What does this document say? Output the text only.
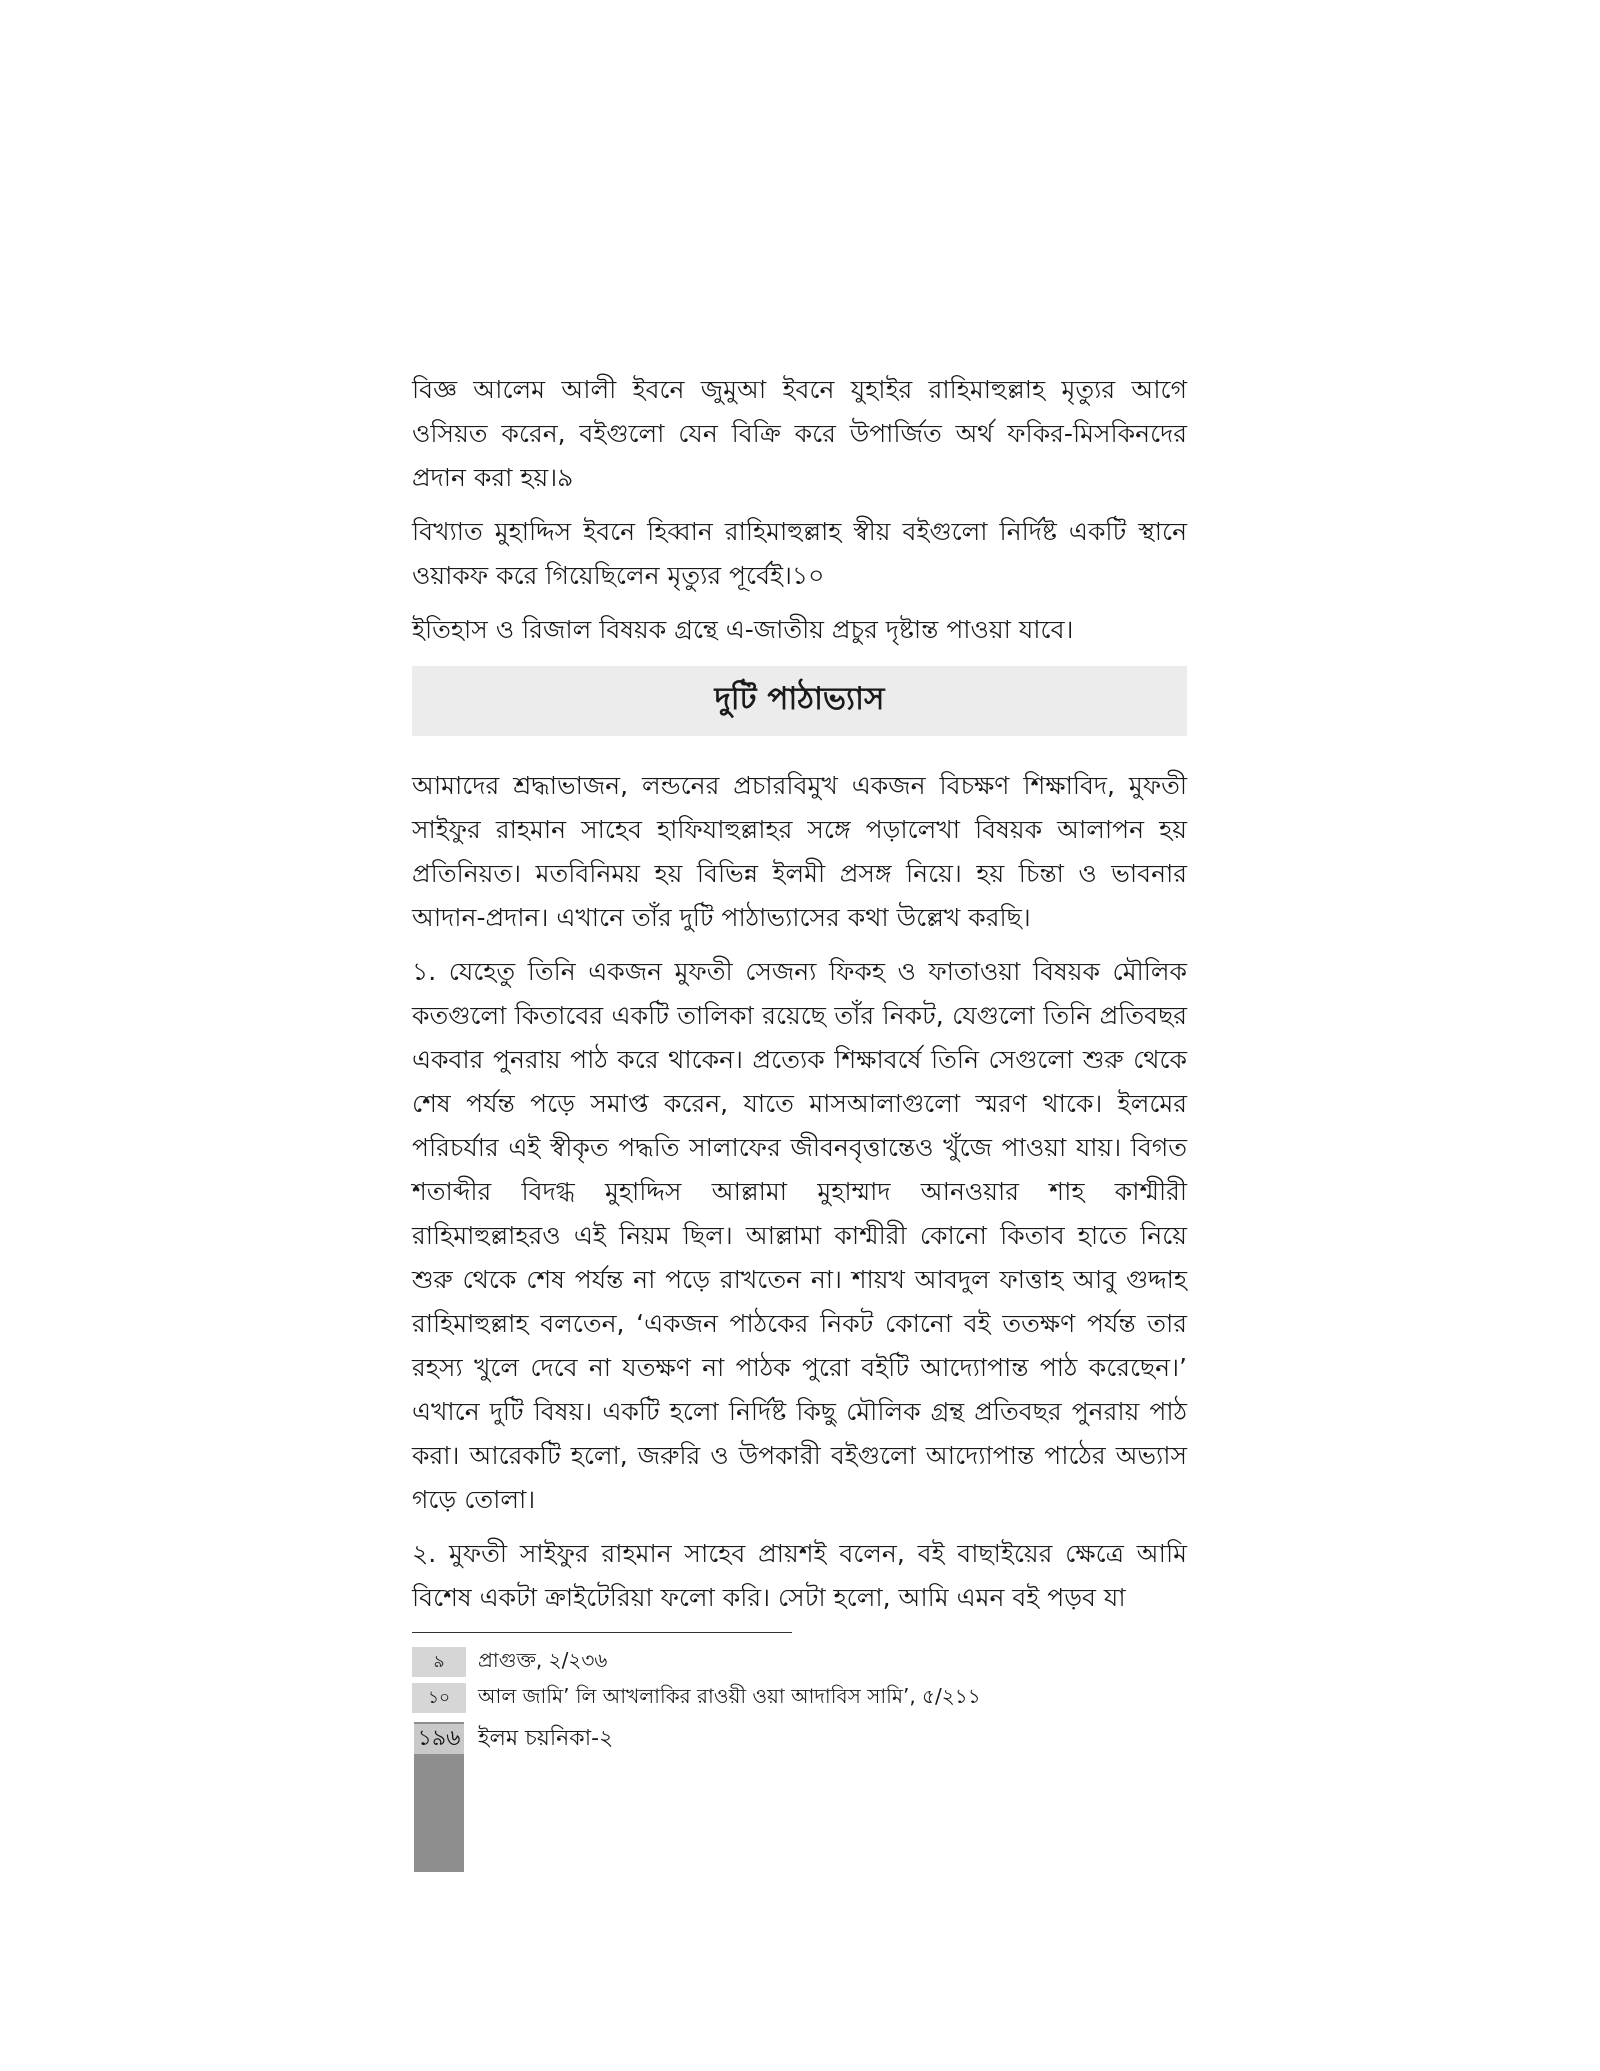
বিজ্ঞ আলেম আলী ইবনে জুমুআ ইবনে যুহাইর রাহিমাহুল্লাহ মৃত্যুর আগে ওসিয়ত করেন, বইগুলো যেন বিক্রি করে উপার্জিত অর্থ ফকির-মিসকিনদের প্রদান করা হয়।৯

বিখ্যাত মুহাদ্দিস ইবনে হিব্বান রাহিমাহুল্লাহ স্বীয় বইগুলো নির্দিষ্ট একটি স্থানে ওয়াকফ করে গিয়েছিলেন মৃত্যুর পূর্বেই।১০

ইতিহাস ও রিজাল বিষয়ক গ্রন্থে এ-জাতীয় প্রচুর দৃষ্টান্ত পাওয়া যাবে।

দুটি পাঠাভ্যাস

আমাদের শ্রদ্ধাভাজন, লন্ডনের প্রচারবিমুখ একজন বিচক্ষণ শিক্ষাবিদ, মুফতী সাইফুর রাহমান সাহেব হাফিযাহুল্লাহর সঙ্গে পড়ালেখা বিষয়ক আলাপন হয় প্রতিনিয়ত। মতবিনিময় হয় বিভিন্ন ইলমী প্রসঙ্গ নিয়ে। হয় চিন্তা ও ভাবনার আদান-প্রদান। এখানে তাঁর দুটি পাঠাভ্যাসের কথা উল্লেখ করছি।

১. যেহেতু তিনি একজন মুফতী সেজন্য ফিকহ ও ফাতাওয়া বিষয়ক মৌলিক কতগুলো কিতাবের একটি তালিকা রয়েছে তাঁর নিকট, যেগুলো তিনি প্রতিবছর একবার পুনরায় পাঠ করে থাকেন। প্রত্যেক শিক্ষাবর্ষে তিনি সেগুলো শুরু থেকে শেষ পর্যন্ত পড়ে সমাপ্ত করেন, যাতে মাসআলাগুলো স্মরণ থাকে। ইলমের পরিচর্যার এই স্বীকৃত পদ্ধতি সালাফের জীবনবৃত্তান্তেও খুঁজে পাওয়া যায়। বিগত শতাব্দীর বিদগ্ধ মুহাদ্দিস আল্লামা মুহাম্মাদ আনওয়ার শাহ কাশ্মীরী রাহিমাহুল্লাহরও এই নিয়ম ছিল। আল্লামা কাশ্মীরী কোনো কিতাব হাতে নিয়ে শুরু থেকে শেষ পর্যন্ত না পড়ে রাখতেন না। শায়খ আবদুল ফাত্তাহ আবু গুদ্দাহ রাহিমাহুল্লাহ বলতেন, ‘একজন পাঠকের নিকট কোনো বই ততক্ষণ পর্যন্ত তার রহস্য খুলে দেবে না যতক্ষণ না পাঠক পুরো বইটি আদ্যোপান্ত পাঠ করেছেন।’ এখানে দুটি বিষয়। একটি হলো নির্দিষ্ট কিছু মৌলিক গ্রন্থ প্রতিবছর পুনরায় পাঠ করা। আরেকটি হলো, জরুরি ও উপকারী বইগুলো আদ্যোপান্ত পাঠের অভ্যাস গড়ে তোলা।

২. মুফতী সাইফুর রাহমান সাহেব প্রায়শই বলেন, বই বাছাইয়ের ক্ষেত্রে আমি বিশেষ একটা ক্রাইটেরিয়া ফলো করি। সেটা হলো, আমি এমন বই পড়ব যা

৯	প্রাগুক্ত, ২/২৩৬
১০	আল জামি’ লি আখলাকির রাওয়ী ওয়া আদাবিস সামি’, ৫/২১১
১৯৬ ইলম চয়নিকা-২
